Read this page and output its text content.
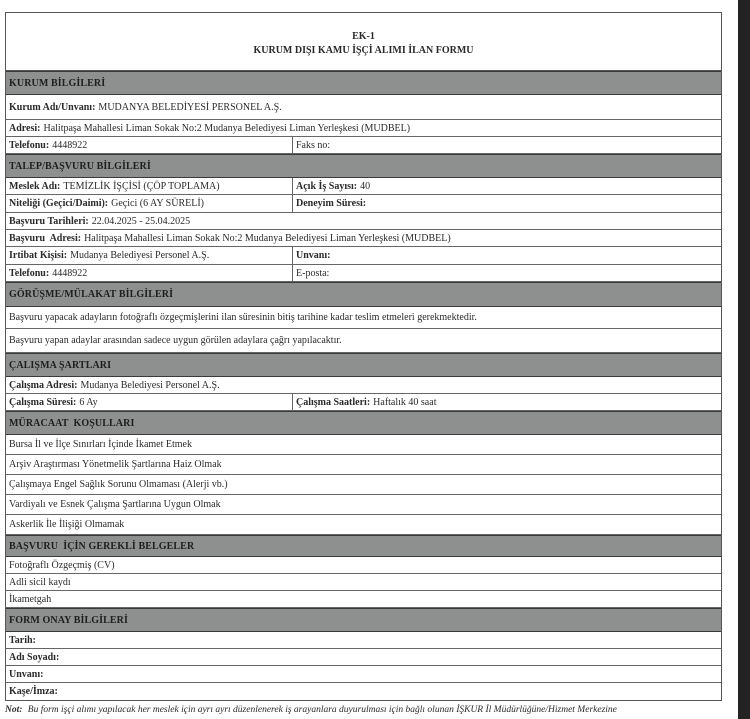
EK-1
KURUM DIŞI KAMU İŞÇİ ALIMI İLAN FORMU
KURUM BİLGİLERİ
Kurum Adı/Unvanı: MUDANYA BELEDİYESİ PERSONEL A.Ş.
Adresi: Halitpaşa Mahallesi Liman Sokak No:2 Mudanya Belediyesi Liman Yerleşkesi (MUDBEL)
Telefonu: 4448922	Faks no:
TALEP/BAŞVURU BİLGİLERİ
Meslek Adı: TEMİZLİK İŞÇİSİ (ÇÖP TOPLAMA)	Açık İş Sayısı: 40
Niteliği (Geçici/Daimi): Geçici (6 AY SÜRELİ)	Deneyim Süresi:
Başvuru Tarihleri: 22.04.2025 - 25.04.2025
Başvuru  Adresi: Halitpaşa Mahallesi Liman Sokak No:2 Mudanya Belediyesi Liman Yerleşkesi (MUDBEL)
Irtibat Kişisi: Mudanya Belediyesi Personel A.Ş.	Unvanı:
Telefonu: 4448922	E-posta:
GÖRÜŞME/MÜLAKAT BİLGİLERİ
Başvuru yapacak adayların fotoğraflı özgeçmişlerini ilan süresinin bitiş tarihine kadar teslim etmeleri gerekmektedir.
Başvuru yapan adaylar arasından sadece uygun görülen adaylara çağrı yapılacaktır.
ÇALIŞMA ŞARTLARI
Çalışma Adresi: Mudanya Belediyesi Personel A.Ş.
Çalışma Süresi: 6 Ay	Çalışma Saatleri: Haftalık 40 saat
MÜRACAAT  KOŞULLARI
Bursa İl ve İlçe Sınırları İçinde İkamet Etmek
Arşiv Araştırması Yönetmelik Şartlarına Haiz Olmak
Çalışmaya Engel Sağlık Sorunu Olmaması (Alerji vb.)
Vardiyalı ve Esnek Çalışma Şartlarına Uygun Olmak
Askerlik İle İlişiği Olmamak
BAŞVURU  İÇİN GEREKLİ BELGELER
Fotoğraflı Özgeçmiş (CV)
Adli sicil kaydı
İkametgah
FORM ONAY BİLGİLERİ
Tarih:
Adı Soyadı:
Unvanı:
Kaşe/İmza:
Not: Bu form işçi alımı yapılacak her meslek için ayrı ayrı düzenlenerek iş arayanlara duyurulması için bağlı olunan İŞKUR İl Müdürlüğüne/Hizmet Merkezine
